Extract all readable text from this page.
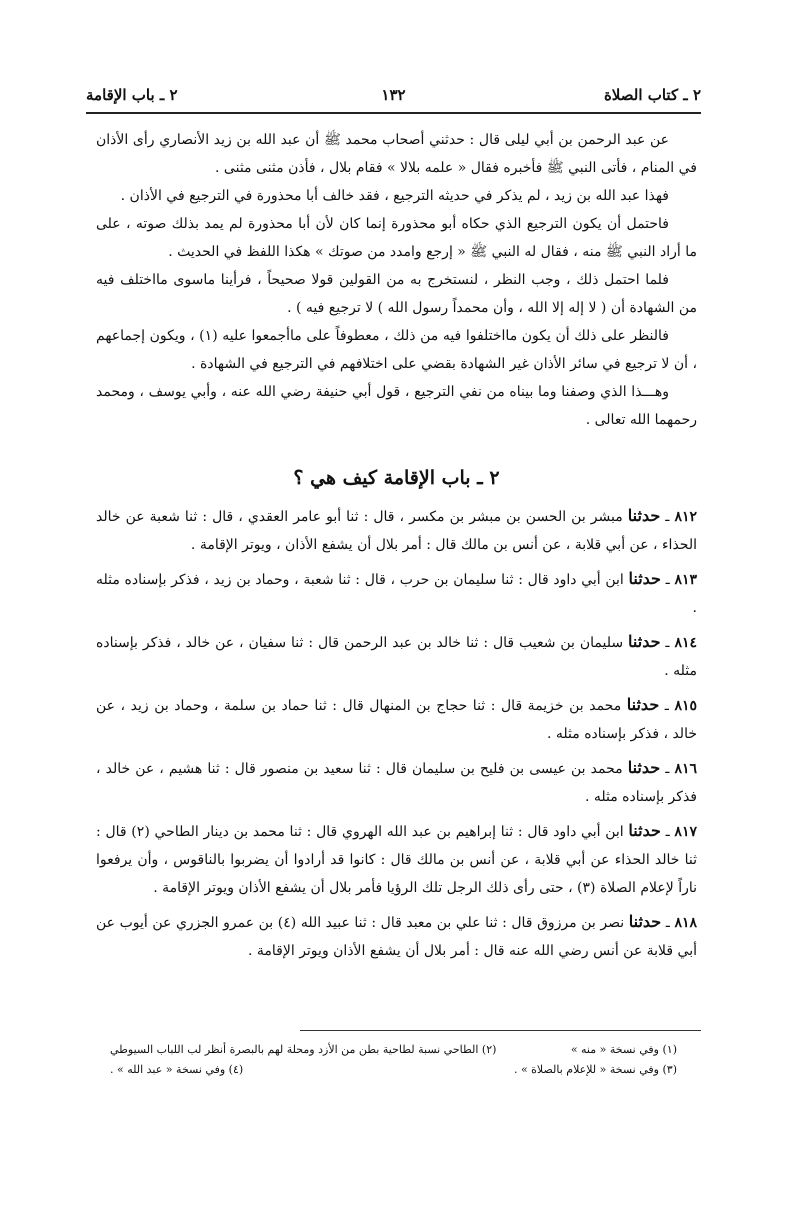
٢ ـ كتاب الصلاة
١٣٢
٢ ـ باب الإقامة

عن عبد الرحمن بن أبي ليلى قال : حدثني أصحاب محمد ﷺ أن عبد الله بن زيد الأنصاري رأى الأذان في المنام ، فأتى النبي ﷺ فأخبره فقال « علمه بلالا » فقام بلال ، فأذن مثنى مثنى .

فهذا عبد الله بن زيد ، لم يذكر في حديثه الترجيع ، فقد خالف أبا محذورة في الترجيع في الأذان .

فاحتمل أن يكون الترجيع الذي حكاه أبو محذورة إنما كان لأن أبا محذورة لم يمد بذلك صوته ، على ما أراد النبي ﷺ منه ، فقال له النبي ﷺ « إرجع وامدد من صوتك » هكذا اللفظ في الحديث .

فلما احتمل ذلك ، وجب النظر ، لنستخرج به من القولين قولا صحيحاً ، فرأينا ماسوى مااختلف فيه من الشهادة أن ( لا إله إلا الله ، وأن محمداً رسول الله ) لا ترجيع فيه ) .

فالنظر على ذلك أن يكون مااختلفوا فيه من ذلك ، معطوفاً على ماأجمعوا عليه (١) ، ويكون إجماعهم ، أن لا ترجيع في سائر الأذان غير الشهادة بقضي على اختلافهم في الترجيع في الشهادة .

وهـــذا الذي وصفنا وما بيناه من نفي الترجيع ، قول أبي حنيفة رضي الله عنه ، وأبي يوسف ، ومحمد رحمهما الله تعالى .

٢ ـ باب الإقامة كيف هي ؟

٨١٢ ـ حدثنا مبشر بن الحسن بن مبشر بن مكسر ، قال : ثنا أبو عامر العقدي ، قال : ثنا شعبة عن خالد الحذاء ، عن أبي قلابة ، عن أنس بن مالك قال : أمر بلال أن يشفع الأذان ، ويوتر الإقامة .

٨١٣ ـ حدثنا ابن أبي داود قال : ثنا سليمان بن حرب ، قال : ثنا شعبة ، وحماد بن زيد ، فذكر بإسناده مثله .

٨١٤ ـ حدثنا سليمان بن شعيب قال : ثنا خالد بن عبد الرحمن قال : ثنا سفيان ، عن خالد ، فذكر بإسناده مثله .

٨١٥ ـ حدثنا محمد بن خزيمة قال : ثنا حجاج بن المنهال قال : ثنا حماد بن سلمة ، وحماد بن زيد ، عن خالد ، فذكر بإسناده مثله .

٨١٦ ـ حدثنا محمد بن عيسى بن فليح بن سليمان قال : ثنا سعيد بن منصور قال : ثنا هشيم ، عن خالد ، فذكر بإسناده مثله .

٨١٧ ـ حدثنا ابن أبي داود قال : ثنا إبراهيم بن عبد الله الهروي قال : ثنا محمد بن دينار الطاحي (٢) قال : ثنا خالد الحذاء عن أبي قلابة ، عن أنس بن مالك قال : كانوا قد أرادوا أن يضربوا بالناقوس ، وأن يرفعوا ناراً لإعلام الصلاة (٣) ، حتى رأى ذلك الرجل تلك الرؤيا فأمر بلال أن يشفع الأذان ويوتر الإقامة .

٨١٨ ـ حدثنا نصر بن مرزوق قال : ثنا علي بن معبد قال : ثنا عبيد الله (٤) بن عمرو الجزري عن أيوب عن أبي قلابة عن أنس رضي الله عنه قال : أمر بلال أن يشفع الأذان ويوتر الإقامة .

(١) وفي نسخة « منه »
(٢) الطاحي نسبة لطاحية بطن من الأزد ومحلة لهم بالبصرة أنظر لب اللباب السيوطي
(٣) وفي نسخة « للإعلام بالصلاة » .
(٤) وفي نسخة « عبد الله » .
